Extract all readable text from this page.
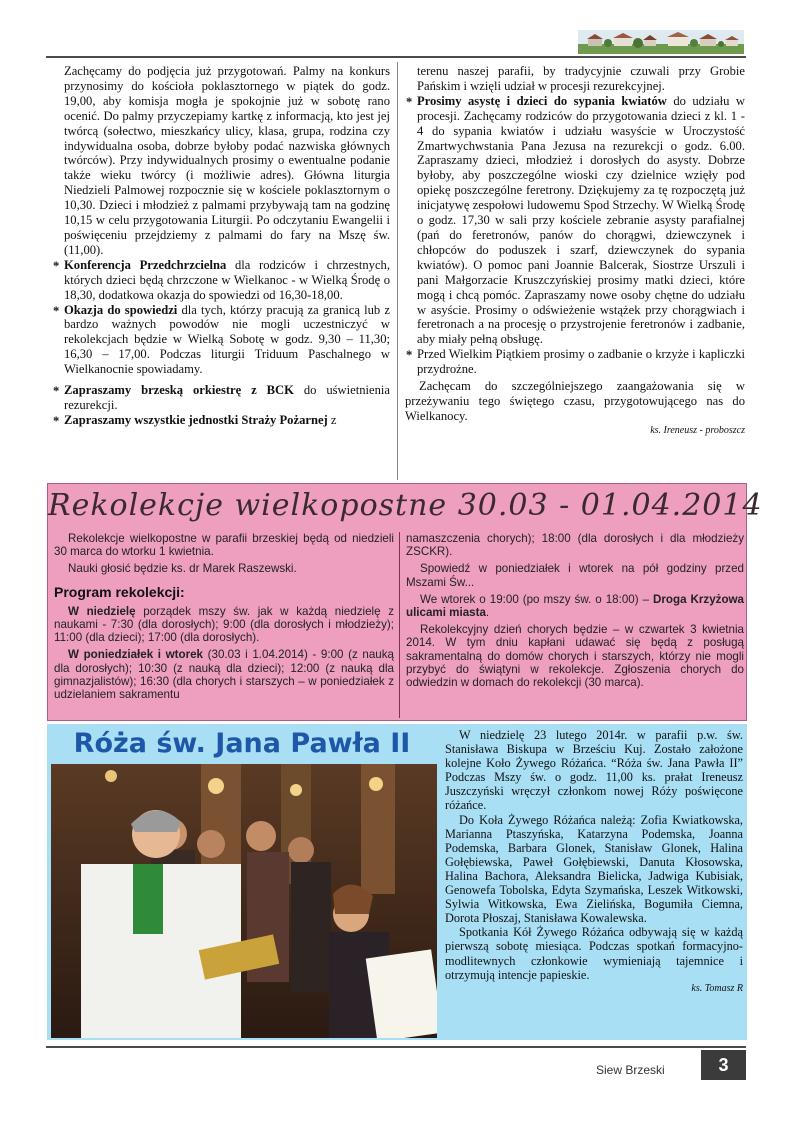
Zachęcamy do podjęcia już przygotowań. Palmy na konkurs przynosimy do kościoła poklasztornego w piątek do godz. 19,00, aby komisja mogła je spokojnie już w sobotę rano ocenić. Do palmy przyczepiamy kartkę z informacją, kto jest jej twórcą (sołectwo, mieszkańcy ulicy, klasa, grupa, rodzina czy indywidualna osoba, dobrze byłoby podać nazwiska głównych twórców). Przy indywidualnych prosimy o ewentualne podanie także wieku twórcy (i możliwie adres). Główna liturgia Niedzieli Palmowej rozpocznie się w kościele poklasztornym o 10,30. Dzieci i młodzież z palmami przybywają tam na godzinę 10,15 w celu przygotowania Liturgii. Po odczytaniu Ewangelii i poświęceniu przejdziemy z palmami do fary na Mszę św. (11,00).

* Konferencja Przedchrzcielna dla rodziców i chrzestnych, których dzieci będą chrzczone w Wielkanoc - w Wielką Środę o 18,30, dodatkowa okazja do spowiedzi od 16,30-18,00.

* Okazja do spowiedzi dla tych, którzy pracują za granicą lub z bardzo ważnych powodów nie mogli uczestniczyć w rekolekcjach będzie w Wielką Sobotę w godz. 9,30 – 11,30; 16,30 – 17,00. Podczas liturgii Triduum Paschalnego w Wielkanocnie spowiadamy.

* Zapraszamy brzeską orkiestrę z BCK do uświetnienia rezurekcji.

* Zapraszamy wszystkie jednostki Straży Pożarnej z

terenu naszej parafii, by tradycyjnie czuwali przy Grobie Pańskim i wzięli udział w procesji rezurekcyjnej.

* Prosimy asystę i dzieci do sypania kwiatów do udziału w procesji. Zachęcamy rodziców do przygotowania dzieci z kl. 1 - 4 do sypania kwiatów i udziału wasyście w Uroczystość Zmartwychwstania Pana Jezusa na rezurekcji o godz. 6.00. Zapraszamy dzieci, młodzież i dorosłych do asysty. Dobrze byłoby, aby poszczególne wioski czy dzielnice wzięły pod opiekę poszczególne feretrony. Dziękujemy za tę rozpoczętą już inicjatywę zespołowi ludowemu Spod Strzechy. W Wielką Środę o godz. 17,30 w sali przy kościele zebranie asysty parafialnej (pań do feretronów, panów do chorągwi, dziewczynek i chłopców do poduszek i szarf, dziewczynek do sypania kwiatów). O pomoc pani Joannie Balcerak, Siostrze Urszuli i pani Małgorzacie Kruszczyńskiej prosimy matki dzieci, które mogą i chcą pomóc. Zapraszamy nowe osoby chętne do udziału w asyście. Prosimy o odświeżenie wstążek przy chorągwiach i feretronach a na procesję o przystrojenie feretronów i zadbanie, aby miały pełną obsługę.

* Przed Wielkim Piątkiem prosimy o zadbanie o krzyże i kapliczki przydrożne.

Zachęcam do szczególniejszego zaangażowania się w przeżywaniu tego świętego czasu, przygotowującego nas do Wielkanocy.

ks. Ireneusz - proboszcz

Rekolekcje wielkopostne 30.03 - 01.04.2014

Rekolekcje wielkopostne w parafii brzeskiej będą od niedzieli 30 marca do wtorku 1 kwietnia.

Nauki głosić będzie ks. dr Marek Raszewski.

Program rekolekcji:

W niedzielę porządek mszy św. jak w każdą niedzielę z naukami - 7:30 (dla dorosłych); 9:00 (dla dorosłych i młodzieży); 11:00 (dla dzieci); 17:00 (dla dorosłych).

W poniedziałek i wtorek (30.03 i 1.04.2014) - 9:00 (z nauką dla dorosłych); 10:30 (z nauką dla dzieci); 12:00 (z nauką dla gimnazjalistów); 16:30 (dla chorych i starszych – w poniedziałek z udzielaniem sakramentu

namaszczenia chorych); 18:00 (dla dorosłych i dla młodzieży ZSCKR).

Spowiedź w poniedziałek i wtorek na pół godziny przed Mszami Św...

We wtorek o 19:00 (po mszy św. o 18:00) – Droga Krzyżowa ulicami miasta.

Rekolekcyjny dzień chorych będzie – w czwartek 3 kwietnia 2014. W tym dniu kapłani udawać się będą z posługą sakramentalną do domów chorych i starszych, którzy nie mogli przybyć do świątyni w rekolekcje. Zgłoszenia chorych do odwiedzin w domach do rekolekcji (30 marca).

Róża św. Jana Pawła II	W niedzielę 23 lutego 2014r. w parafii p.w. św. Stanisława Biskupa w Brześciu Kuj. Zostało założone kolejne Koło Żywego Różańca. “Róża św. Jana Pawła II” Podczas Mszy św. o godz. 11,00 ks. prałat Ireneusz Juszczyński wręczył członkom nowej Róży poświęcone różańce.

Do Koła Żywego Różańca należą: Zofia Kwiatkowska, Marianna Ptaszyńska, Katarzyna Podemska, Joanna Podemska, Barbara Glonek, Stanisław Glonek, Halina Gołębiewska, Paweł Gołębiewski, Danuta Kłosowska, Halina Bachora, Aleksandra Bielicka, Jadwiga Kubisiak, Genowefa Tobolska, Edyta Szymańska, Leszek Witkowski, Sylwia Witkowska, Ewa Zielińska, Bogumiła Ciemna, Dorota Płoszaj, Stanisława Kowalewska.

Spotkania Kół Żywego Różańca odbywają się w każdą pierwszą sobotę miesiąca. Podczas spotkań formacyjno-modlitewnych członkowie wymieniają tajemnice i otrzymują intencje papieskie.

ks. Tomasz R

Siew Brzeski	3
